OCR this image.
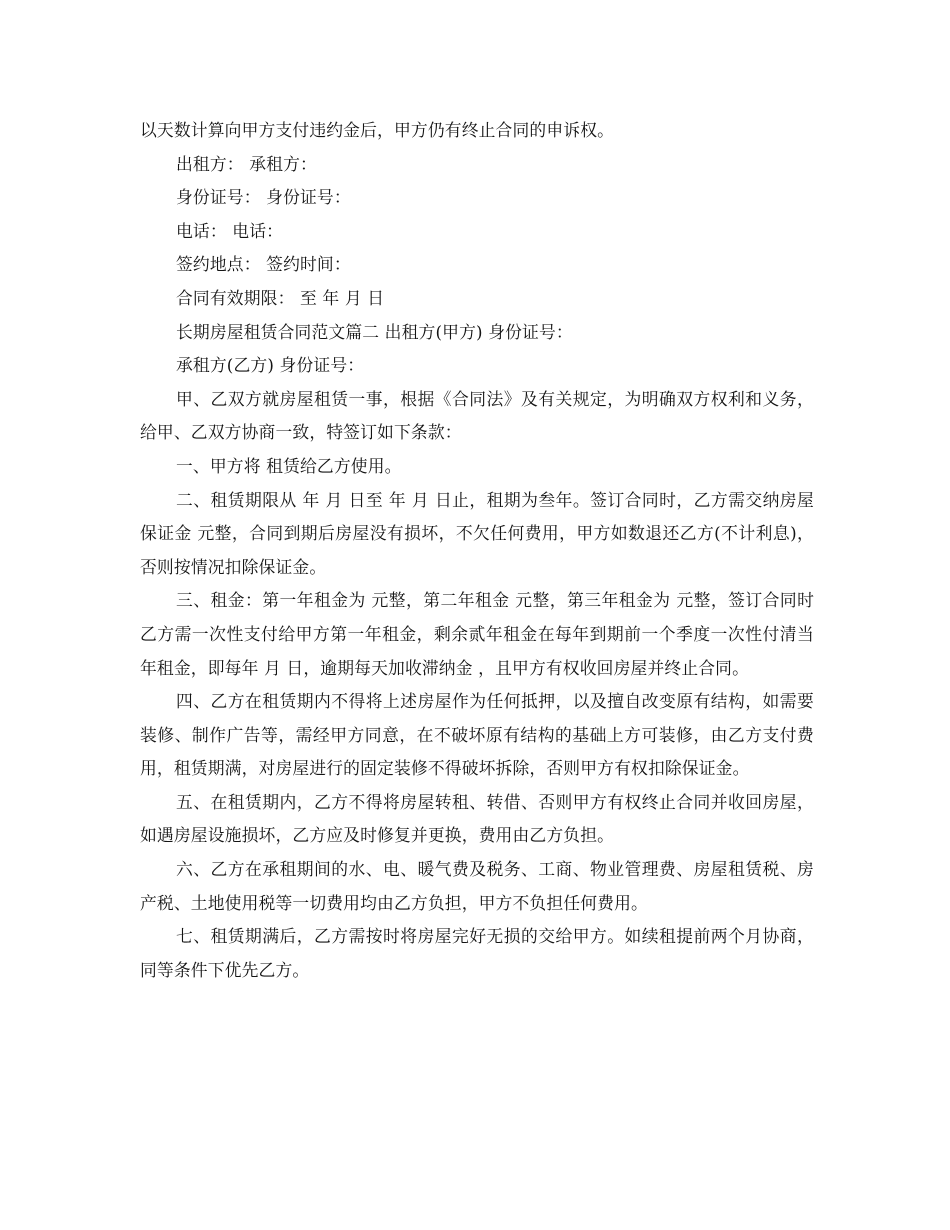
以天数计算向甲方支付违约金后，甲方仍有终止合同的申诉权。

出租方： 承租方：

身份证号： 身份证号：

电话： 电话：

签约地点： 签约时间：

合同有效期限： 至 年 月 日

长期房屋租赁合同范文篇二 出租方(甲方) 身份证号：

承租方(乙方) 身份证号：

甲、乙双方就房屋租赁一事，根据《合同法》及有关规定，为明确双方权利和义务，给甲、乙双方协商一致，特签订如下条款：

一、甲方将 租赁给乙方使用。

二、租赁期限从 年 月 日至 年 月 日止，租期为叁年。签订合同时，乙方需交纳房屋保证金 元整，合同到期后房屋没有损坏，不欠任何费用，甲方如数退还乙方(不计利息)，否则按情况扣除保证金。

三、租金：第一年租金为 元整，第二年租金 元整，第三年租金为 元整，签订合同时乙方需一次性支付给甲方第一年租金，剩余贰年租金在每年到期前一个季度一次性付清当年租金，即每年 月 日，逾期每天加收滞纳金 ，且甲方有权收回房屋并终止合同。

四、乙方在租赁期内不得将上述房屋作为任何抵押，以及擅自改变原有结构，如需要装修、制作广告等，需经甲方同意，在不破坏原有结构的基础上方可装修，由乙方支付费用，租赁期满，对房屋进行的固定装修不得破坏拆除，否则甲方有权扣除保证金。

五、在租赁期内，乙方不得将房屋转租、转借、否则甲方有权终止合同并收回房屋，如遇房屋设施损坏，乙方应及时修复并更换，费用由乙方负担。

六、乙方在承租期间的水、电、暖气费及税务、工商、物业管理费、房屋租赁税、房产税、土地使用税等一切费用均由乙方负担，甲方不负担任何费用。

七、租赁期满后，乙方需按时将房屋完好无损的交给甲方。如续租提前两个月协商，同等条件下优先乙方。
